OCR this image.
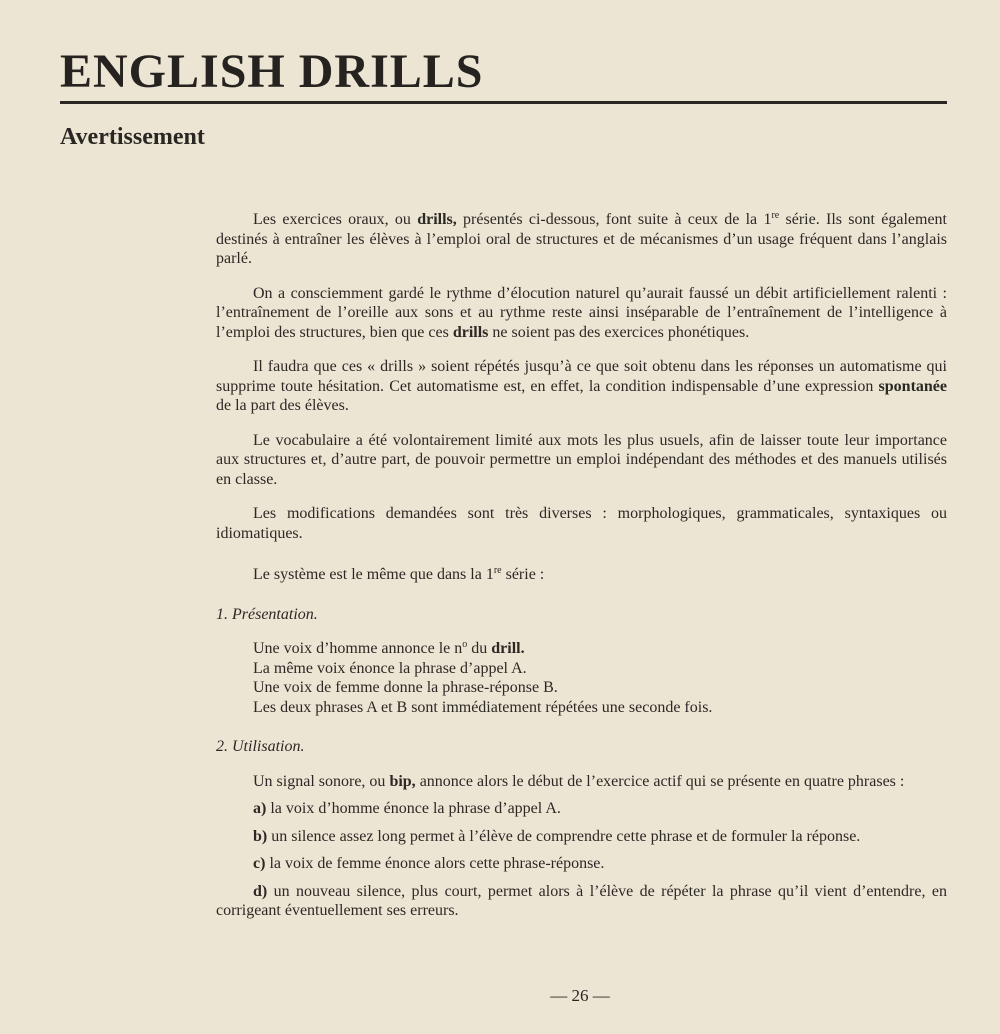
ENGLISH DRILLS
Avertissement

Les exercices oraux, ou drills, présentés ci-dessous, font suite à ceux de la 1re série. Ils sont également destinés à entraîner les élèves à l’emploi oral de structures et de mécanismes d’un usage fréquent dans l’anglais parlé.

On a consciemment gardé le rythme d’élocution naturel qu’aurait faussé un débit artificiellement ralenti : l’entraînement de l’oreille aux sons et au rythme reste ainsi inséparable de l’entraînement de l’intelligence à l’emploi des structures, bien que ces drills ne soient pas des exercices phonétiques.

Il faudra que ces « drills » soient répétés jusqu’à ce que soit obtenu dans les réponses un automatisme qui supprime toute hésitation. Cet automatisme est, en effet, la condition indispensable d’une expression spontanée de la part des élèves.

Le vocabulaire a été volontairement limité aux mots les plus usuels, afin de laisser toute leur importance aux structures et, d’autre part, de pouvoir permettre un emploi indépendant des méthodes et des manuels utilisés en classe.

Les modifications demandées sont très diverses : morphologiques, grammaticales, syntaxiques ou idiomatiques.

Le système est le même que dans la 1re série :

1. Présentation.

Une voix d’homme annonce le $n^o$ du drill.
La même voix énonce la phrase d’appel A.
Une voix de femme donne la phrase-réponse B.
Les deux phrases A et B sont immédiatement répétées une seconde fois.

2. Utilisation.

Un signal sonore, ou bip, annonce alors le début de l’exercice actif qui se présente en quatre phrases :

a) la voix d’homme énonce la phrase d’appel A.

b) un silence assez long permet à l’élève de comprendre cette phrase et de formuler la réponse.

c) la voix de femme énonce alors cette phrase-réponse.

d) un nouveau silence, plus court, permet alors à l’élève de répéter la phrase qu’il vient d’entendre, en corrigeant éventuellement ses erreurs.

— 26 —
